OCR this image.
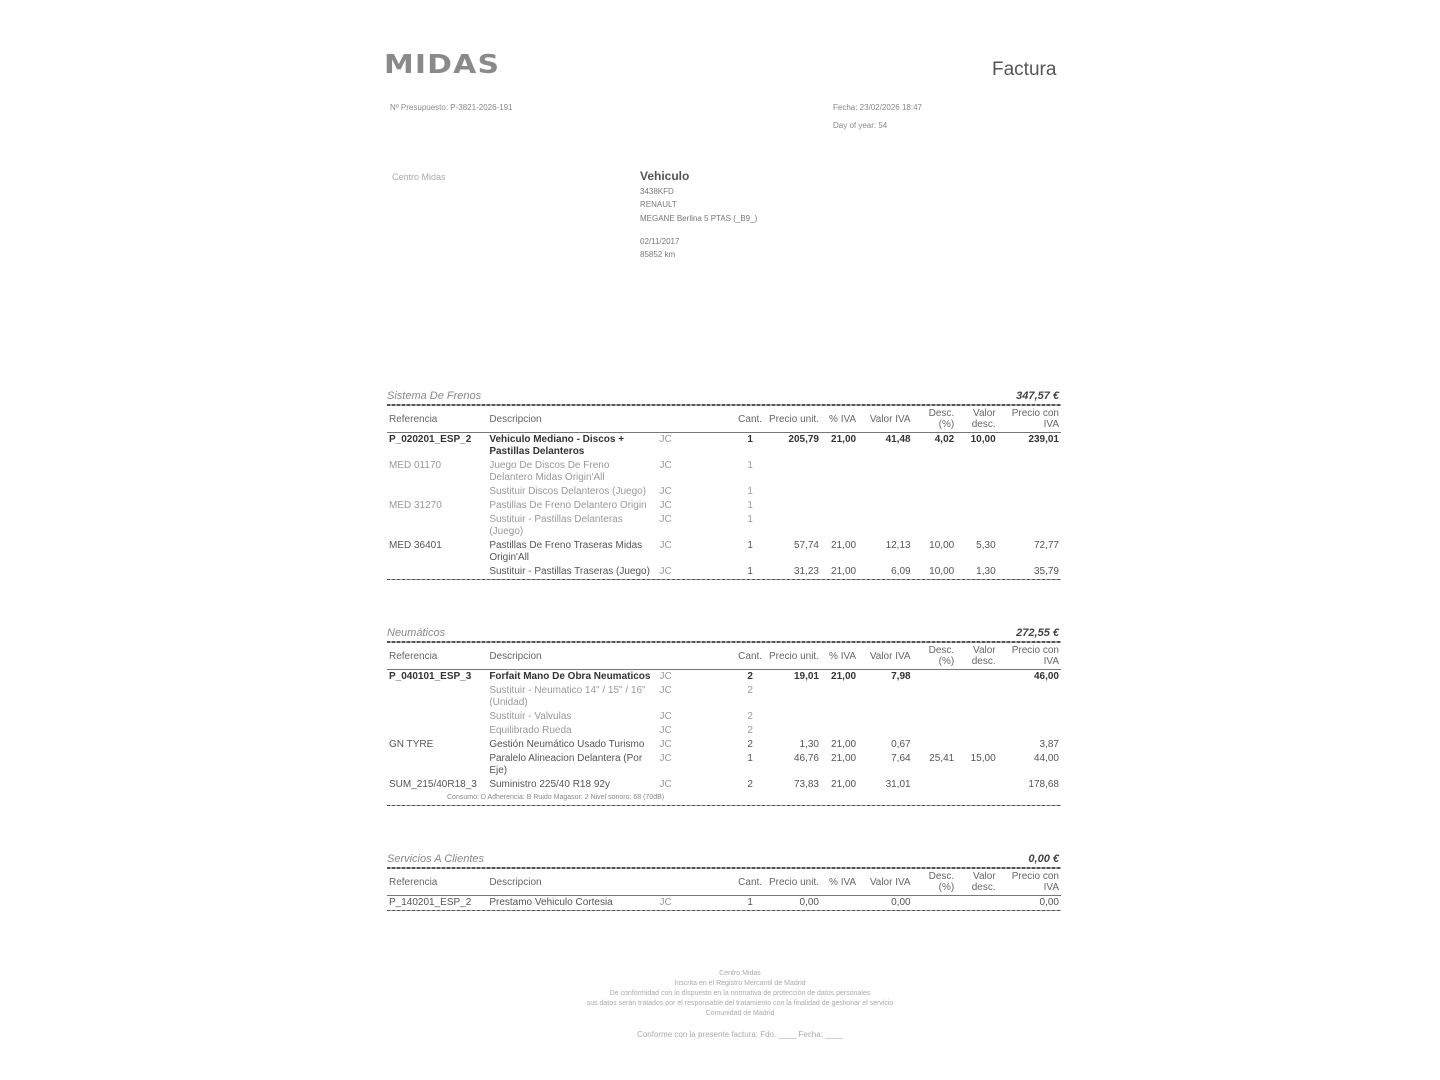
MIDAS	Factura
Nº Presupuesto: P-3821-2026-191	Fecha: 23/02/2026 18:47
Day of year: 54
Centro Midas	Vehiculo
3438KFD
RENAULT
MEGANE Berlina 5 PTAS (_B9_)
02/11/2017
85852 km
Sistema De Frenos	347,57 €
Referencia	Descripcion		Cant.	Precio unit.	% IVA	Valor IVA	Desc. (%)	Valor desc.	Precio con IVA
P_020201_ESP_2	Vehiculo Mediano - Discos + Pastillas Delanteros	JC	1	205,79	21,00	41,48	4,02	10,00	239,01
MED 01170	Juego De Discos De Freno Delantero Midas Origin'All	JC	1						
	Sustituir Discos Delanteros (Juego)	JC	1						
MED 31270	Pastillas De Freno Delantero Origin	JC	1						
	Sustituir - Pastillas Delanteras (Juego)	JC	1						
MED 36401	Pastillas De Freno Traseras Midas Origin'All	JC	1	57,74	21,00	12,13	10,00	5,30	72,77
	Sustituir - Pastillas Traseras (Juego)	JC	1	31,23	21,00	6,09	10,00	1,30	35,79
Neumáticos	272,55 €
Referencia	Descripcion		Cant.	Precio unit.	% IVA	Valor IVA	Desc. (%)	Valor desc.	Precio con IVA
P_040101_ESP_3	Forfait Mano De Obra Neumaticos	JC	2	19,01	21,00	7,98			46,00
	Sustituir - Neumatico 14" / 15" / 16" (Unidad)	JC	2						
	Sustituir - Valvulas	JC	2						
	Equilibrado Rueda	JC	2						
GN TYRE	Gestión Neumático Usado Turismo	JC	2	1,30	21,00	0,67			3,87
	Paralelo Alineacion Delantera (Por Eje)	JC	1	46,76	21,00	7,64	25,41	15,00	44,00
SUM_215/40R18_3	Suministro 225/40 R18 92y	JC	2	73,83	21,00	31,01			178,68
Consumo: D Adherencia: B Ruido Magasor: 2 Nivel sonoro: 68 (70dB)
Servicios A Clientes	0,00 €
Referencia	Descripcion		Cant.	Precio unit.	% IVA	Valor IVA	Desc. (%)	Valor desc.	Precio con IVA
P_140201_ESP_2	Prestamo Vehiculo Cortesia	JC	1	0,00		0,00			0,00
Centro Midas
Inscrita en el Registro Mercantil de Madrid
De conformidad con lo dispuesto en la normativa de protección de datos personales
sus datos serán tratados por el responsable del tratamiento con la finalidad de gestionar el servicio
Comunidad de Madrid
Conforme con la presente factura: Fdo. ____ Fecha: ____
